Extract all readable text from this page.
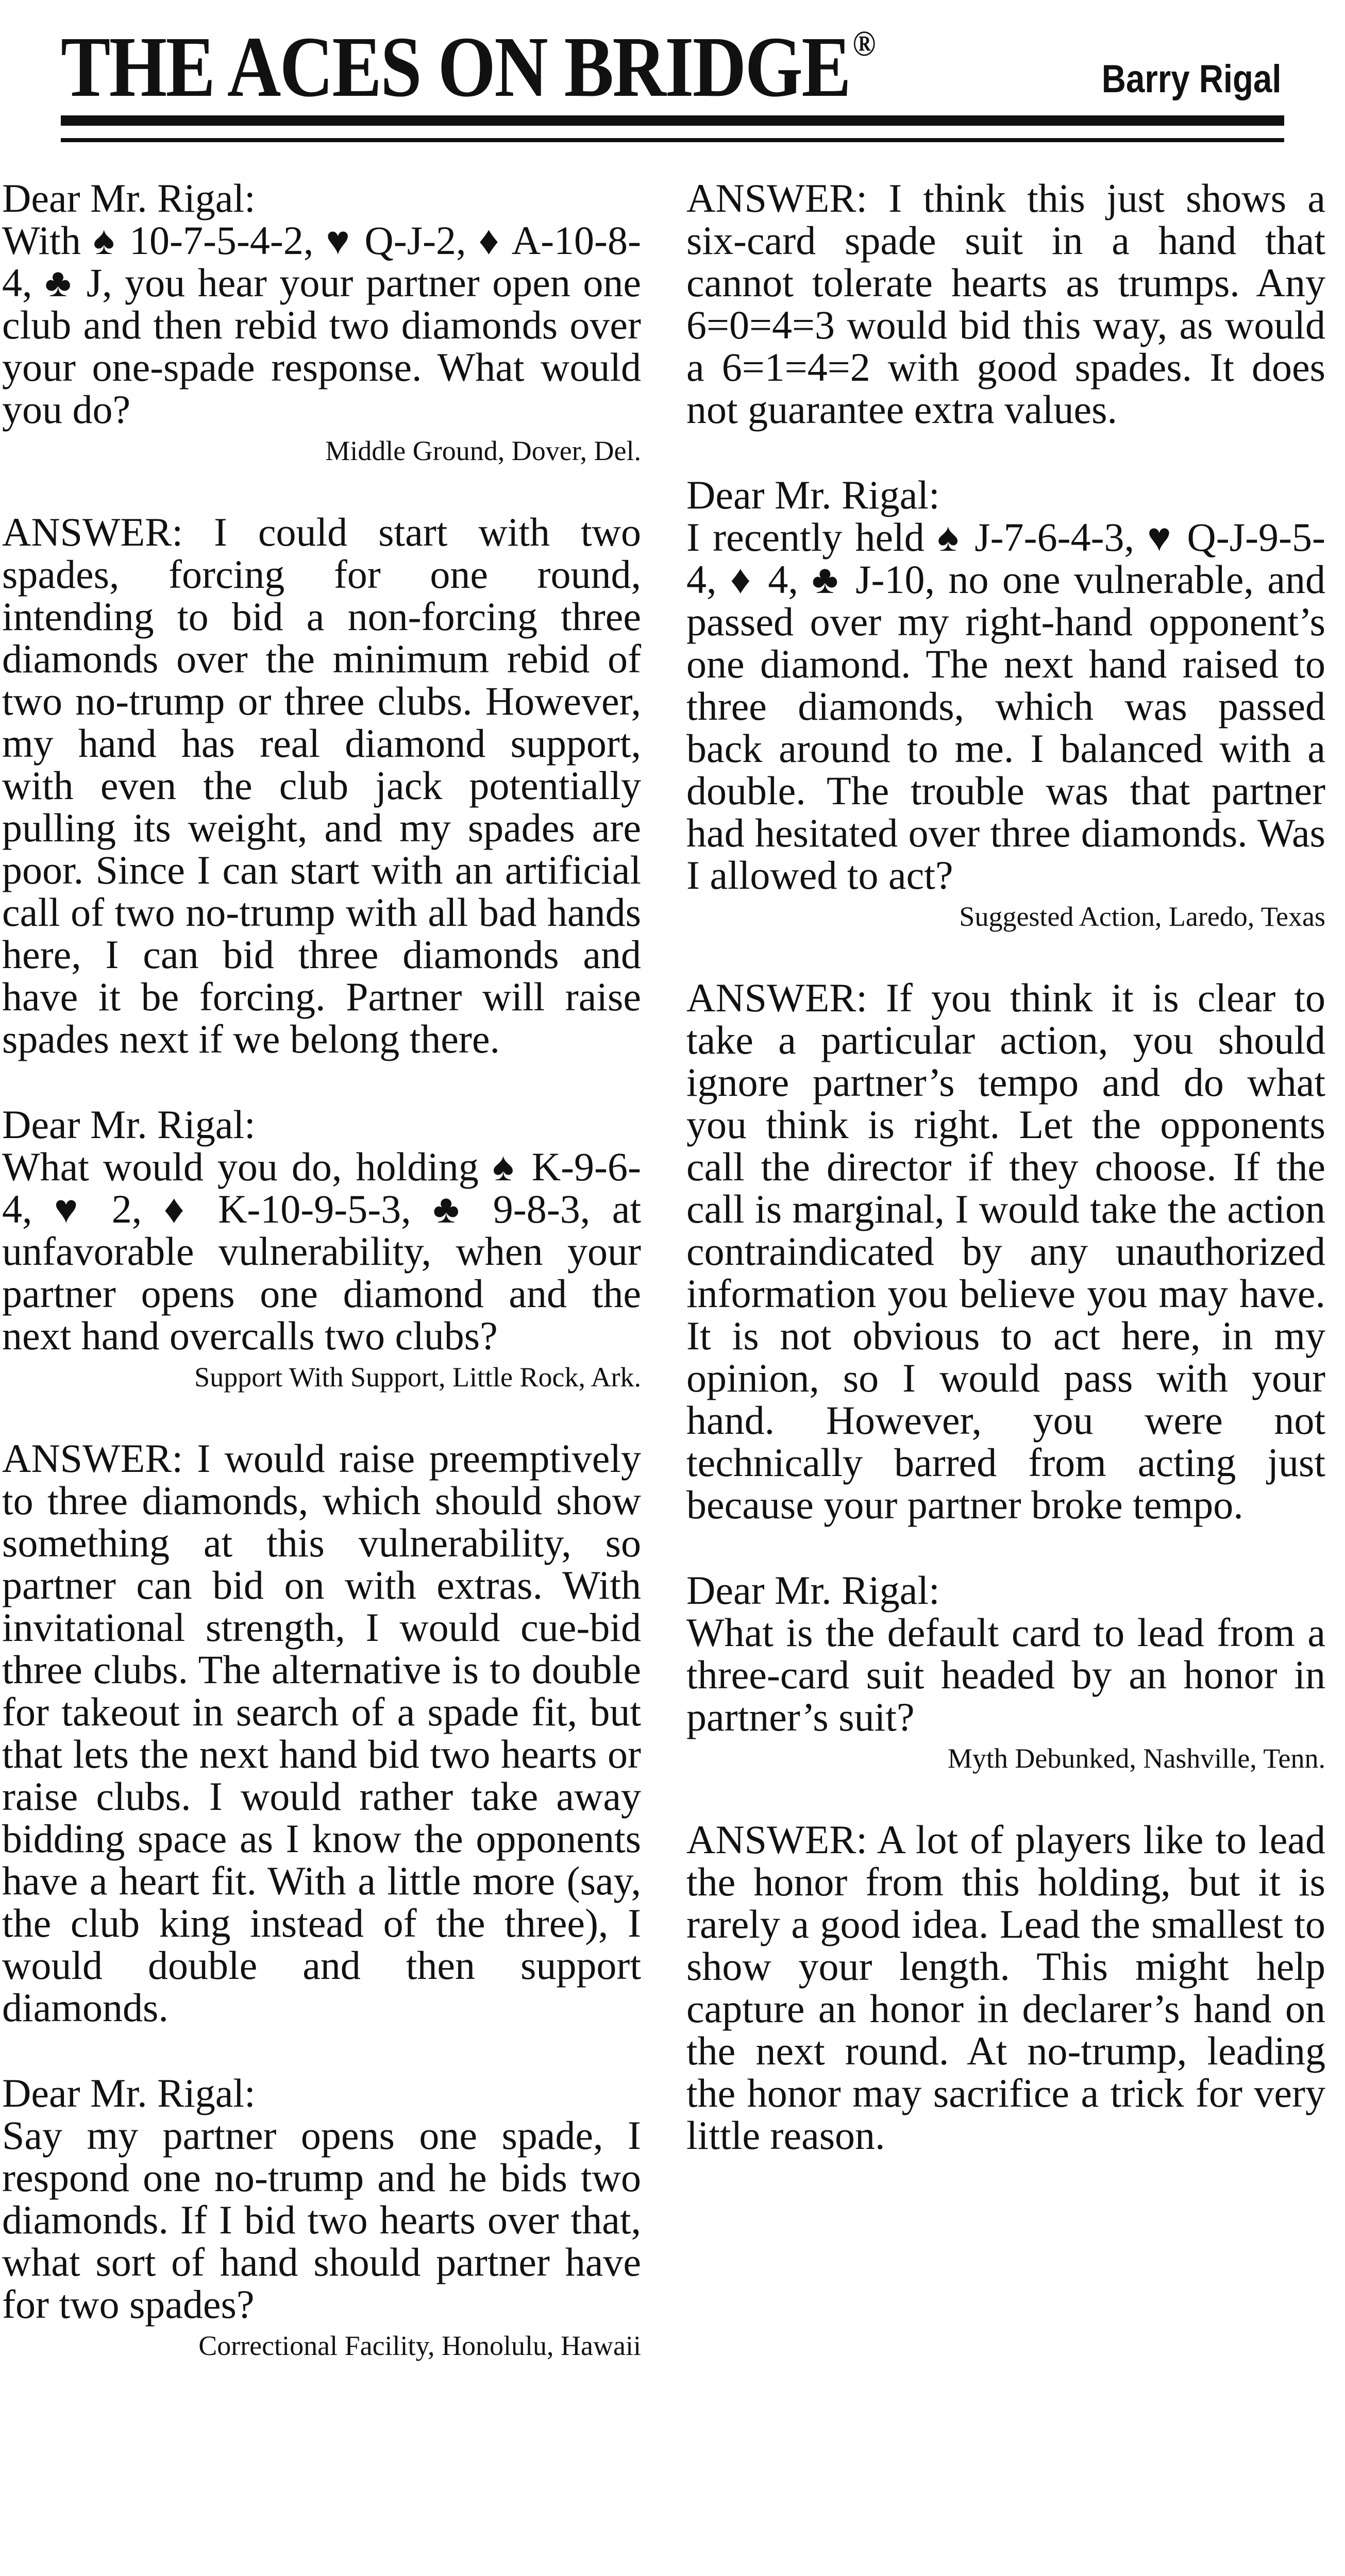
THE ACES ON BRIDGE®
Barry Rigal
Dear Mr. Rigal:

With ♠ 10-7-5-4-2, ♥ Q-J-2, ♦ A-10-8-4, ♣ J, you hear your partner open one club and then rebid two diamonds over your one-spade response. What would you do?

Middle Ground, Dover, Del.

ANSWER: I could start with two spades, forcing for one round, intending to bid a non-forcing three diamonds over the minimum rebid of two no-trump or three clubs. However, my hand has real diamond support, with even the club jack potentially pulling its weight, and my spades are poor. Since I can start with an artificial call of two no-trump with all bad hands here, I can bid three diamonds and have it be forcing. Partner will raise spades next if we belong there.

Dear Mr. Rigal:

What would you do, holding ♠ K-9-6-4, ♥ 2, ♦ K-10-9-5-3, ♣ 9-8-3, at unfavorable vulnerability, when your partner opens one diamond and the next hand overcalls two clubs?

Support With Support, Little Rock, Ark.

ANSWER: I would raise preemptively to three diamonds, which should show something at this vulnerability, so partner can bid on with extras. With invitational strength, I would cue-bid three clubs. The alternative is to double for takeout in search of a spade fit, but that lets the next hand bid two hearts or raise clubs. I would rather take away bidding space as I know the opponents have a heart fit. With a little more (say, the club king instead of the three), I would double and then support diamonds.

Dear Mr. Rigal:

Say my partner opens one spade, I respond one no-trump and he bids two diamonds. If I bid two hearts over that, what sort of hand should partner have for two spades?

Correctional Facility, Honolulu, Hawaii

ANSWER: I think this just shows a six-card spade suit in a hand that cannot tolerate hearts as trumps. Any 6=0=4=3 would bid this way, as would a 6=1=4=2 with good spades. It does not guarantee extra values.

Dear Mr. Rigal:

I recently held ♠ J-7-6-4-3, ♥ Q-J-9-5-4, ♦ 4, ♣ J-10, no one vulnerable, and passed over my right-hand opponent’s one diamond. The next hand raised to three diamonds, which was passed back around to me. I balanced with a double. The trouble was that partner had hesitated over three diamonds. Was I allowed to act?

Suggested Action, Laredo, Texas

ANSWER: If you think it is clear to take a particular action, you should ignore partner’s tempo and do what you think is right. Let the opponents call the director if they choose. If the call is marginal, I would take the action contraindicated by any unauthorized information you believe you may have. It is not obvious to act here, in my opinion, so I would pass with your hand. However, you were not technically barred from acting just because your partner broke tempo.

Dear Mr. Rigal:

What is the default card to lead from a three-card suit headed by an honor in partner’s suit?

Myth Debunked, Nashville, Tenn.

ANSWER: A lot of players like to lead the honor from this holding, but it is rarely a good idea. Lead the smallest to show your length. This might help capture an honor in declarer’s hand on the next round. At no-trump, leading the honor may sacrifice a trick for very little reason.
